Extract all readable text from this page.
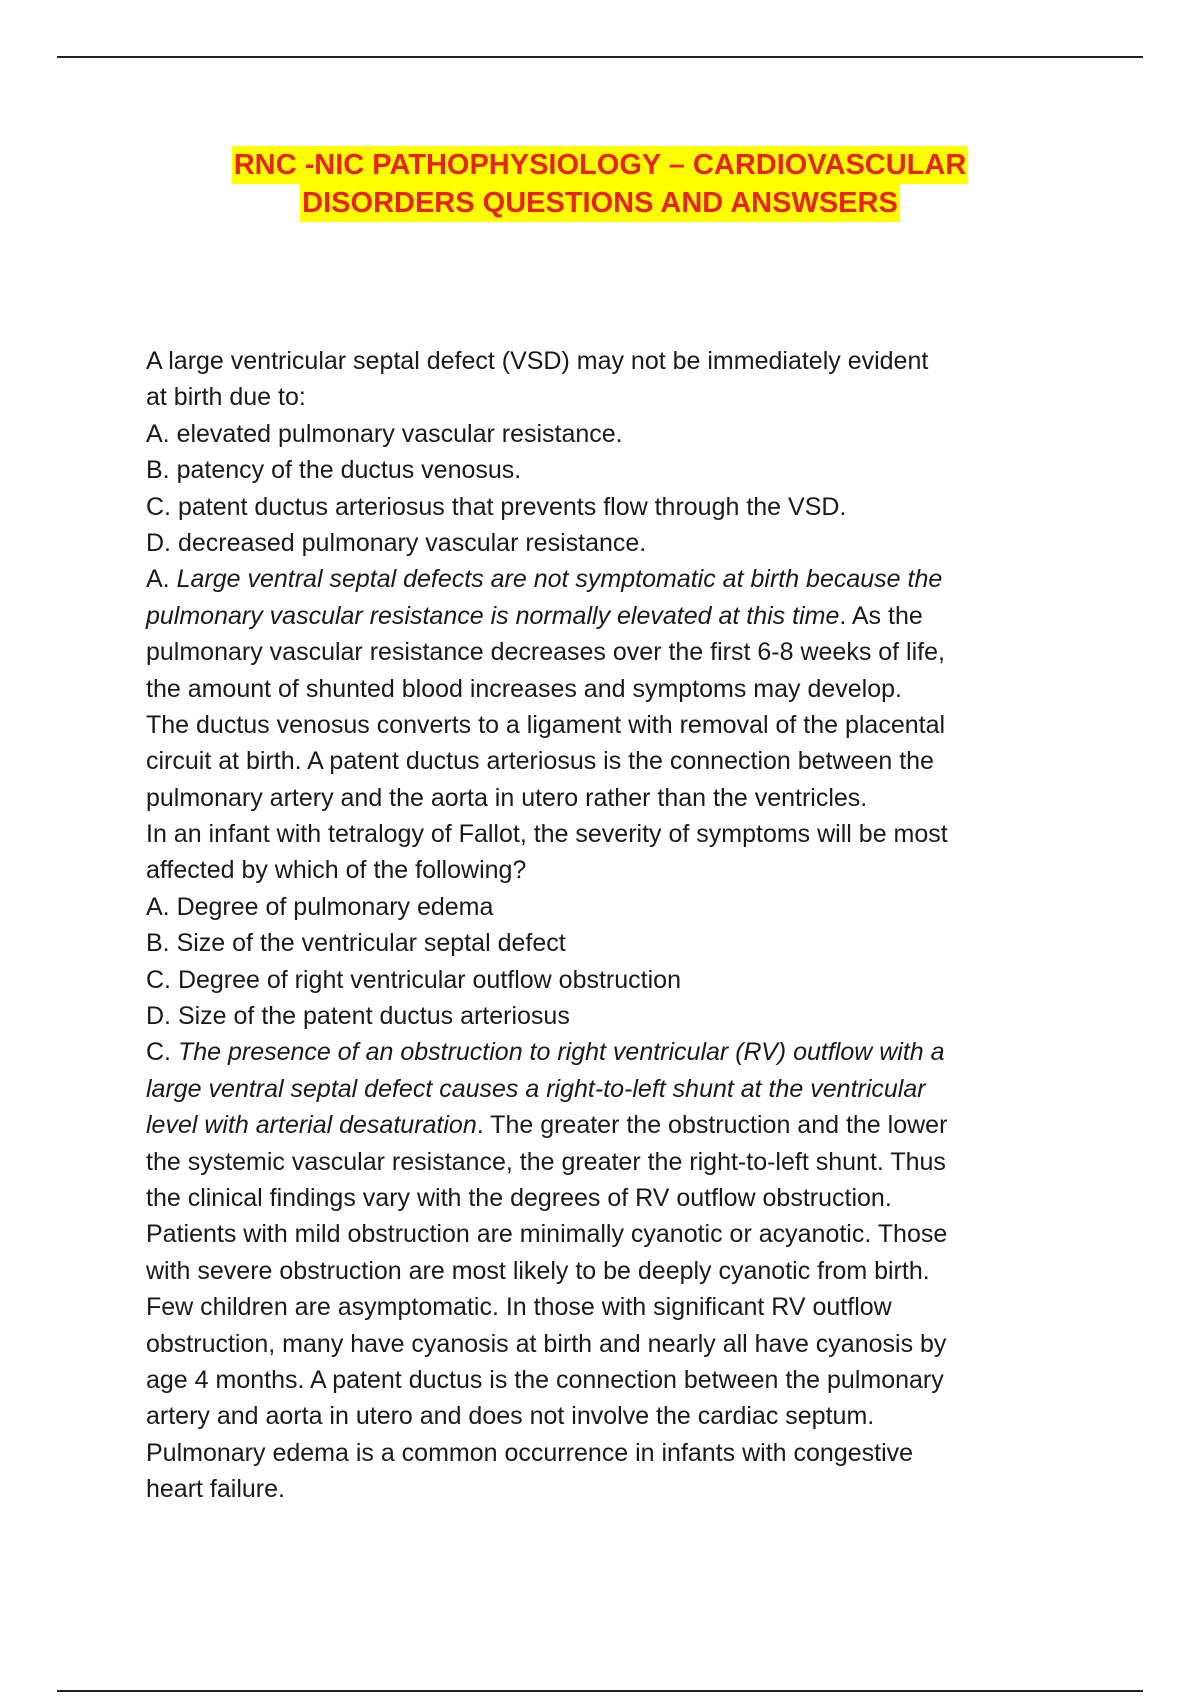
RNC -NIC PATHOPHYSIOLOGY – CARDIOVASCULAR
DISORDERS QUESTIONS AND ANSWSERS
A large ventricular septal defect (VSD) may not be immediately evident
at birth due to:
A. elevated pulmonary vascular resistance.
B. patency of the ductus venosus.
C. patent ductus arteriosus that prevents flow through the VSD.
D. decreased pulmonary vascular resistance.
A. Large ventral septal defects are not symptomatic at birth because the
pulmonary vascular resistance is normally elevated at this time. As the
pulmonary vascular resistance decreases over the first 6-8 weeks of life,
the amount of shunted blood increases and symptoms may develop.
The ductus venosus converts to a ligament with removal of the placental
circuit at birth. A patent ductus arteriosus is the connection between the
pulmonary artery and the aorta in utero rather than the ventricles.
In an infant with tetralogy of Fallot, the severity of symptoms will be most
affected by which of the following?
A. Degree of pulmonary edema
B. Size of the ventricular septal defect
C. Degree of right ventricular outflow obstruction
D. Size of the patent ductus arteriosus
C. The presence of an obstruction to right ventricular (RV) outflow with a
large ventral septal defect causes a right-to-left shunt at the ventricular
level with arterial desaturation. The greater the obstruction and the lower
the systemic vascular resistance, the greater the right-to-left shunt. Thus
the clinical findings vary with the degrees of RV outflow obstruction.
Patients with mild obstruction are minimally cyanotic or acyanotic. Those
with severe obstruction are most likely to be deeply cyanotic from birth.
Few children are asymptomatic. In those with significant RV outflow
obstruction, many have cyanosis at birth and nearly all have cyanosis by
age 4 months. A patent ductus is the connection between the pulmonary
artery and aorta in utero and does not involve the cardiac septum.
Pulmonary edema is a common occurrence in infants with congestive
heart failure.
